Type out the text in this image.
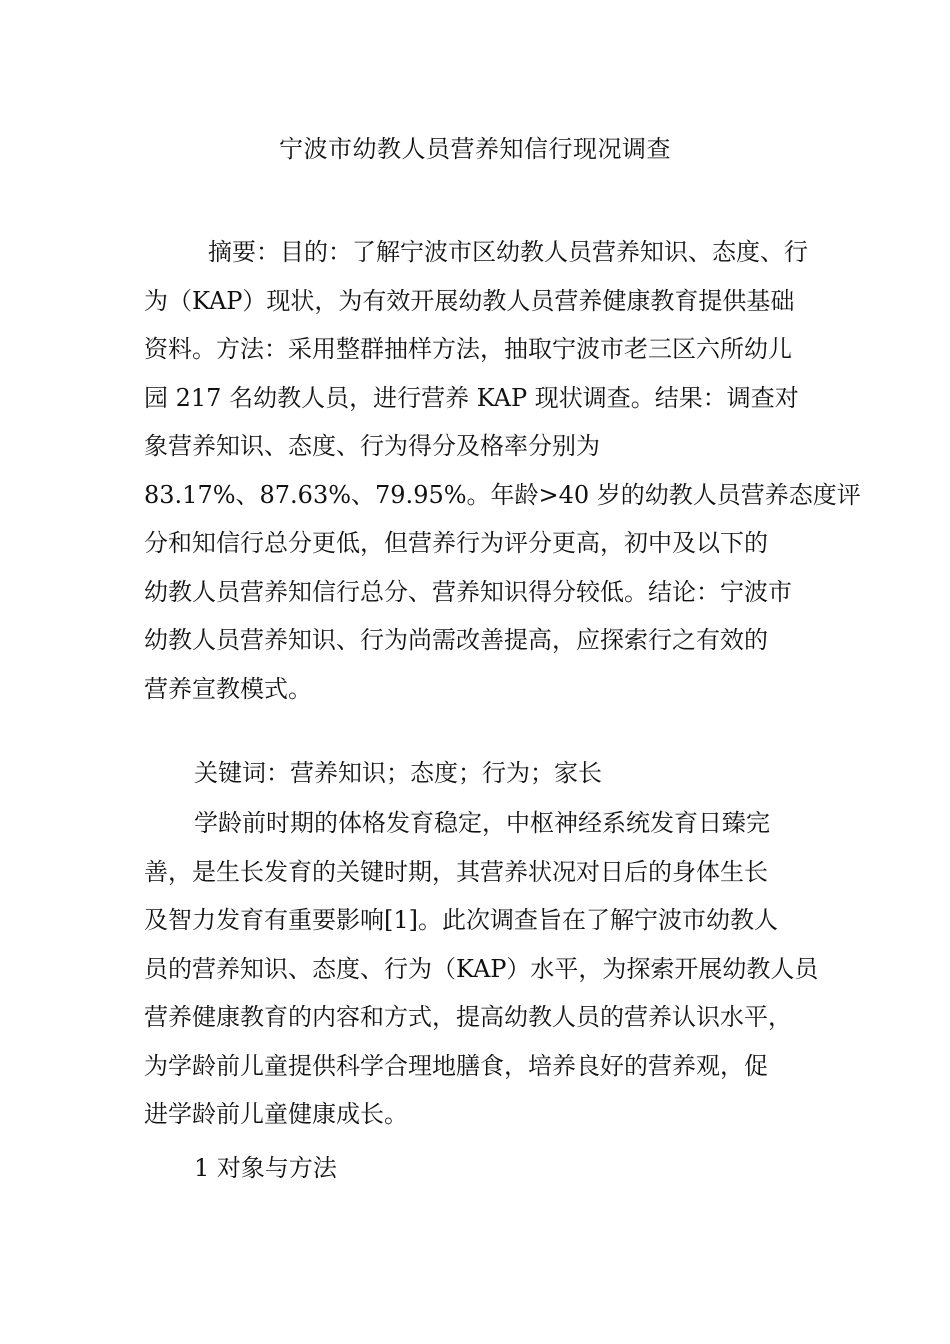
宁波市幼教人员营养知信行现况调查
摘要：目的：了解宁波市区幼教人员营养知识、态度、行
为（KAP）现状，为有效开展幼教人员营养健康教育提供基础
资料。方法：采用整群抽样方法，抽取宁波市老三区六所幼儿
园 217 名幼教人员，进行营养 KAP 现状调查。结果：调查对
象营养知识、态度、行为得分及格率分别为
83.17%、87.63%、79.95%。年龄>40 岁的幼教人员营养态度评
分和知信行总分更低，但营养行为评分更高，初中及以下的
幼教人员营养知信行总分、营养知识得分较低。结论：宁波市
幼教人员营养知识、行为尚需改善提高，应探索行之有效的
营养宣教模式。
关键词：营养知识；态度；行为；家长
学龄前时期的体格发育稳定，中枢神经系统发育日臻完
善，是生长发育的关键时期，其营养状况对日后的身体生长
及智力发育有重要影响[1]。此次调查旨在了解宁波市幼教人
员的营养知识、态度、行为（KAP）水平，为探索开展幼教人员
营养健康教育的内容和方式，提高幼教人员的营养认识水平，
为学龄前儿童提供科学合理地膳食，培养良好的营养观，促
进学龄前儿童健康成长。
1 对象与方法
